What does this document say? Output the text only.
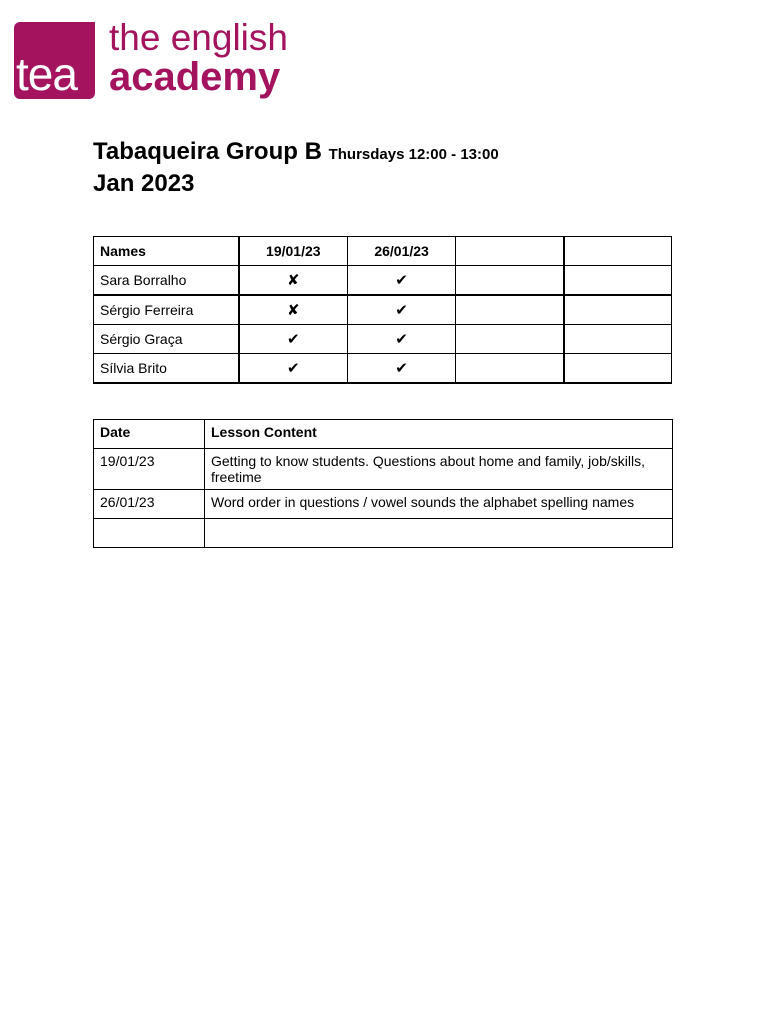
tea
the english
academy
Tabaqueira Group B Thursdays 12:00 - 13:00
Jan 2023
Names	19/01/23	26/01/23		
Sara Borralho	✘	✔		
Sérgio Ferreira	✘	✔		
Sérgio Graça	✔	✔		
Sílvia Brito	✔	✔		
Date	Lesson Content
19/01/23	Getting to know students. Questions about home and family, job/skills, freetime
26/01/23	Word order in questions / vowel sounds the alphabet spelling names
